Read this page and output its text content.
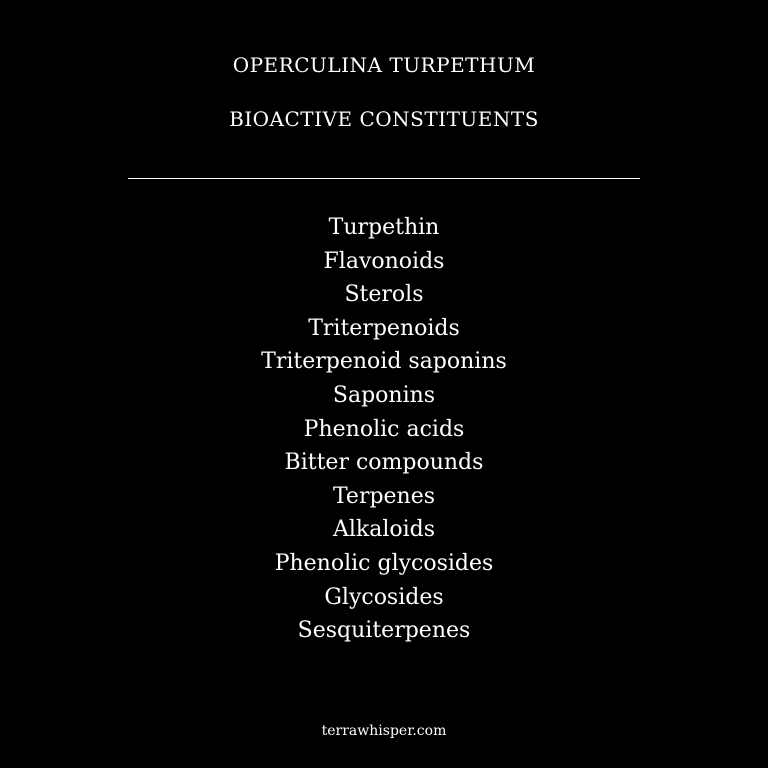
OPERCULINA TURPETHUM
BIOACTIVE CONSTITUENTS
Turpethin
Flavonoids
Sterols
Triterpenoids
Triterpenoid saponins
Saponins
Phenolic acids
Bitter compounds
Terpenes
Alkaloids
Phenolic glycosides
Glycosides
Sesquiterpenes
terrawhisper.com
